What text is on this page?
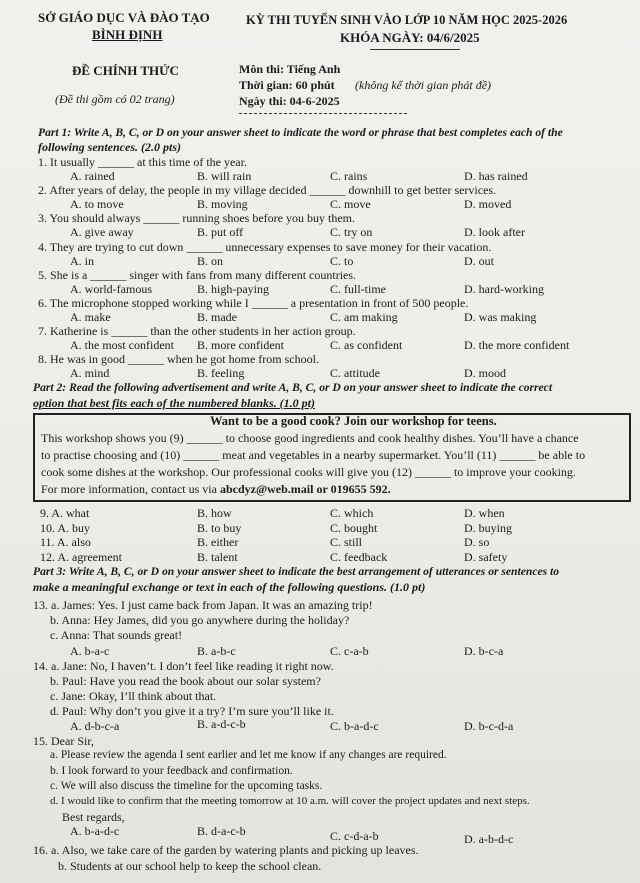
SỞ GIÁO DỤC VÀ ĐÀO TẠO
BÌNH ĐỊNH
KỲ THI TUYỂN SINH VÀO LỚP 10 NĂM HỌC 2025-2026
KHÓA NGÀY: 04/6/2025
ĐỀ CHÍNH THỨC
(Đề thi gồm có 02 trang)
Môn thi: Tiếng Anh
Thời gian: 60 phút (không kể thời gian phát đề)
Ngày thi: 04-6-2025
Part 1: Write A, B, C, or D on your answer sheet to indicate the word or phrase that best completes each of the
following sentences. (2.0 pts)
1. It usually ______ at this time of the year.
A. rained	B. will rain	C. rains	D. has rained
2. After years of delay, the people in my village decided ______ downhill to get better services.
A. to move	B. moving	C. move	D. moved
3. You should always ______ running shoes before you buy them.
A. give away	B. put off	C. try on	D. look after
4. They are trying to cut down ______ unnecessary expenses to save money for their vacation.
A. in	B. on	C. to	D. out
5. She is a ______ singer with fans from many different countries.
A. world-famous	B. high-paying	C. full-time	D. hard-working
6. The microphone stopped working while I ______ a presentation in front of 500 people.
A. make	B. made	C. am making	D. was making
7. Katherine is ______ than the other students in her action group.
A. the most confident B. more confident	C. as confident	D. the more confident
8. He was in good ______ when he got home from school.
A. mind	B. feeling	C. attitude	D. mood
Part 2: Read the following advertisement and write A, B, C, or D on your answer sheet to indicate the correct
option that best fits each of the numbered blanks. (1.0 pt)
Want to be a good cook? Join our workshop for teens.
This workshop shows you (9) ______ to choose good ingredients and cook healthy dishes. You’ll have a chance
to practise choosing and (10) ______ meat and vegetables in a nearby supermarket. You’ll (11) ______ be able to
cook some dishes at the workshop. Our professional cooks will give you (12) ______ to improve your cooking.
For more information, contact us via abcdyz@web.mail or 019655 592.
9. A. what	B. how	C. which	D. when
10. A. buy	B. to buy	C. bought	D. buying
11. A. also	B. either	C. still	D. so
12. A. agreement	B. talent	C. feedback	D. safety
Part 3: Write A, B, C, or D on your answer sheet to indicate the best arrangement of utterances or sentences to
make a meaningful exchange or text in each of the following questions. (1.0 pt)
13. a. James: Yes. I just came back from Japan. It was an amazing trip!
b. Anna: Hey James, did you go anywhere during the holiday?
c. Anna: That sounds great!
A. b-a-c	B. a-b-c	C. c-a-b	D. b-c-a
14. a. Jane: No, I haven’t. I don’t feel like reading it right now.
b. Paul: Have you read the book about our solar system?
c. Jane: Okay, I’ll think about that.
d. Paul: Why don’t you give it a try? I’m sure you’ll like it.
A. d-b-c-a	B. a-d-c-b	C. b-a-d-c	D. b-c-d-a
15. Dear Sir,
a. Please review the agenda I sent earlier and let me know if any changes are required.
b. I look forward to your feedback and confirmation.
c. We will also discuss the timeline for the upcoming tasks.
d. I would like to confirm that the meeting tomorrow at 10 a.m. will cover the project updates and next steps.
Best regards,
A. b-a-d-c	B. d-a-c-b	C. c-d-a-b	D. a-b-d-c
16. a. Also, we take care of the garden by watering plants and picking up leaves.
b. Students at our school help to keep the school clean.
